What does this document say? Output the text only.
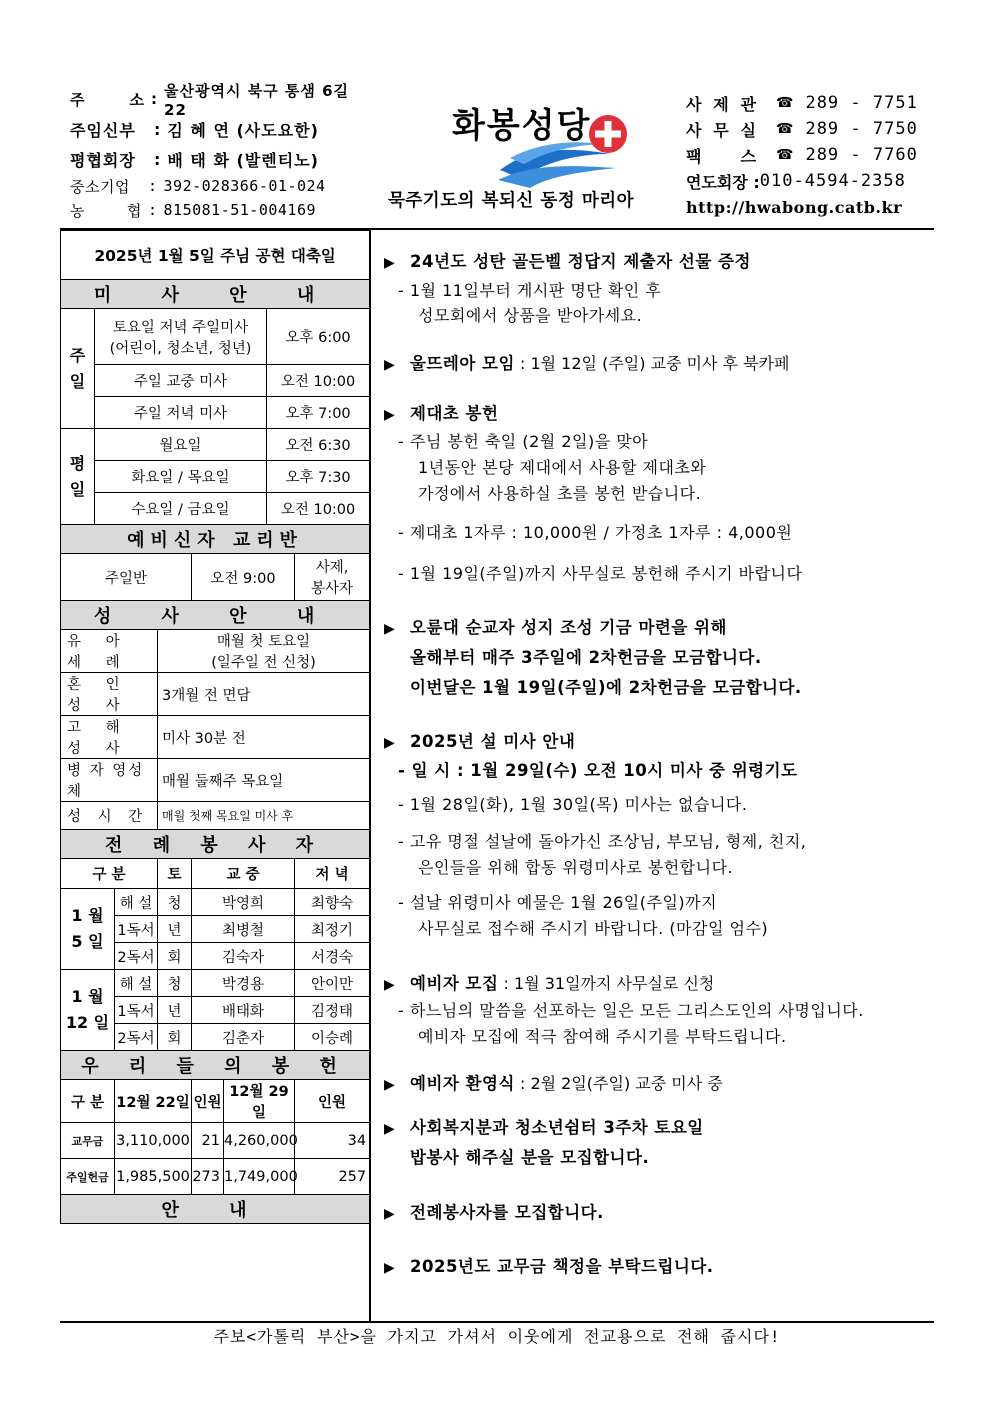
주 소 : 울산광역시 북구 통샘 6길 22
주임신부	: 김 혜 연 (사도요한)
평협회장	: 배 태 화 (발렌티노)
중소기업	: 392-028366-01-024
농 협 : 815081-51-004169
화봉성당
묵주기도의 복되신 동정 마리아
사 제 관 ☎ 289 - 7751
사 무 실 ☎ 289 - 7750
팩 스 ☎ 289 - 7760
연도회장 : 010-4594-2358
http://hwabong.catb.kr
2025년 1월 5일 주님 공현 대축일							
미 사 안 내							
주일	토요일 저녁 주일미사
(어린이, 청소년, 청년)					오후 6:00	
	주일 교중 미사					오전 10:00	
	주일 저녁 미사					오후 7:00	
평일	월요일					오전 6:30	
	화요일 / 목요일					오후 7:30	
	수요일 / 금요일					오전 10:00	
예비신자 교리반							
주일반				오전 9:00			사제,
봉사자

성 사 안 내							
유 아 세 례			매월 첫 토요일
(일주일 전 신청)				

혼 인 성 사			3개월 전 면담				
고 해 성 사			미사 30분 전				
병 자 영성체			매월 둘째주 목요일				
성 시 간			매월 첫째 목요일 미사 후				
전 례 봉 사 자							
구 분			토	교 중			저 녁

1 월
5 일		해 설	청	박영희			최향숙
		1독서	년	최병철			최정기
		2독서	회	김숙자			서경숙

1 월
12 일		해 설	청	박경용			안이만
		1독서	년	배태화			김정태
		2독서	회	김춘자			이승례
우 리 들 의 봉 헌							
구 분		12월 22일		인원	12월 29일		인원
교무금		3,110,000		21	4,260,000		34
주일헌금		1,985,500		273	1,749,000		257
안 내							
▶ 24년도 성탄 골든벨 정답지 제출자 선물 증정
- 1월 11일부터 게시판 명단 확인 후
성모회에서 상품을 받아가세요.
▶ 울뜨레아 모임 : 1월 12일 (주일) 교중 미사 후 북카페
▶ 제대초 봉헌
- 주님 봉헌 축일 (2월 2일)을 맞아
1년동안 본당 제대에서 사용할 제대초와
가정에서 사용하실 초를 봉헌 받습니다.
- 제대초 1자루 : 10,000원 / 가정초 1자루 : 4,000원
- 1월 19일(주일)까지 사무실로 봉헌해 주시기 바랍니다
▶ 오륜대 순교자 성지 조성 기금 마련을 위해
올해부터 매주 3주일에 2차헌금을 모금합니다.
이번달은 1월 19일(주일)에 2차헌금을 모금합니다.
▶ 2025년 설 미사 안내
- 일 시 : 1월 29일(수) 오전 10시 미사 중 위령기도
- 1월 28일(화), 1월 30일(목) 미사는 없습니다.
- 고유 명절 설날에 돌아가신 조상님, 부모님, 형제, 친지,
은인들을 위해 합동 위령미사로 봉헌합니다.
- 설날 위령미사 예물은 1월 26일(주일)까지
사무실로 접수해 주시기 바랍니다. (마감일 엄수)
▶ 예비자 모집 : 1월 31일까지 사무실로 신청
- 하느님의 말씀을 선포하는 일은 모든 그리스도인의 사명입니다.
예비자 모집에 적극 참여해 주시기를 부탁드립니다.
▶ 예비자 환영식 : 2월 2일(주일) 교중 미사 중
▶ 사회복지분과 청소년쉼터 3주차 토요일
밥봉사 해주실 분을 모집합니다.
▶ 전례봉사자를 모집합니다.
▶ 2025년도 교무금 책정을 부탁드립니다.
주보<가톨릭 부산>을 가지고 가셔서 이웃에게 전교용으로 전해 줍시다!
